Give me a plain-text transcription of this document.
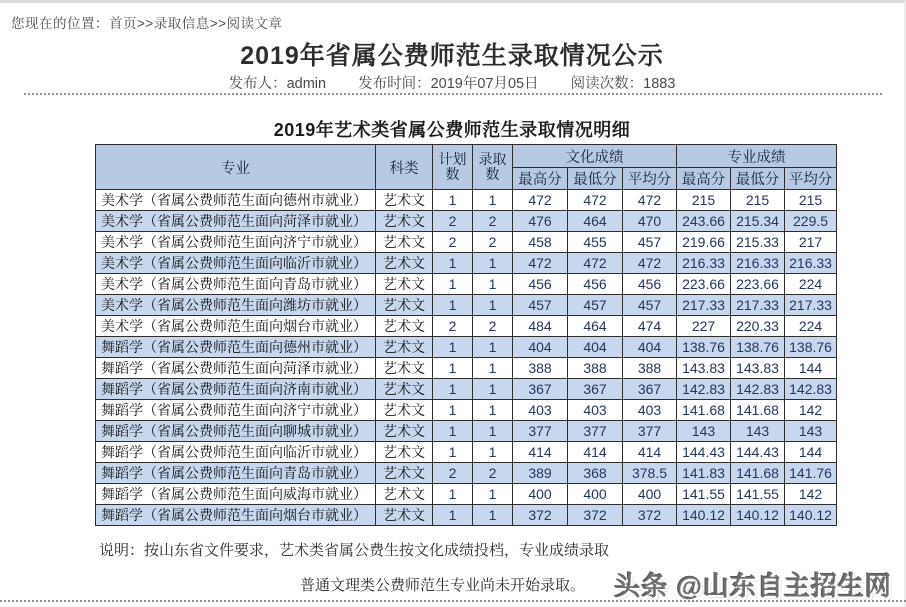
您现在的位置：首页>>录取信息>>阅读文章
2019年省属公费师范生录取情况公示
发布人：admin 发布时间：2019年07月05日 阅读次数：1883
2019年艺术类省属公费师范生录取情况明细
专业	科类	计划数	录取数	文化成绩			专业成绩		
				最高分	最低分	平均分	最高分	最低分	平均分
美术学（省属公费师范生面向德州市就业）	艺术文	1	1	472	472	472	215	215	215
美术学（省属公费师范生面向菏泽市就业）	艺术文	2	2	476	464	470	243.66	215.34	229.5
美术学（省属公费师范生面向济宁市就业）	艺术文	2	2	458	455	457	219.66	215.33	217
美术学（省属公费师范生面向临沂市就业）	艺术文	1	1	472	472	472	216.33	216.33	216.33
美术学（省属公费师范生面向青岛市就业）	艺术文	1	1	456	456	456	223.66	223.66	224
美术学（省属公费师范生面向潍坊市就业）	艺术文	1	1	457	457	457	217.33	217.33	217.33
美术学（省属公费师范生面向烟台市就业）	艺术文	2	2	484	464	474	227	220.33	224
舞蹈学（省属公费师范生面向德州市就业）	艺术文	1	1	404	404	404	138.76	138.76	138.76
舞蹈学（省属公费师范生面向菏泽市就业）	艺术文	1	1	388	388	388	143.83	143.83	144
舞蹈学（省属公费师范生面向济南市就业）	艺术文	1	1	367	367	367	142.83	142.83	142.83
舞蹈学（省属公费师范生面向济宁市就业）	艺术文	1	1	403	403	403	141.68	141.68	142
舞蹈学（省属公费师范生面向聊城市就业）	艺术文	1	1	377	377	377	143	143	143
舞蹈学（省属公费师范生面向临沂市就业）	艺术文	1	1	414	414	414	144.43	144.43	144
舞蹈学（省属公费师范生面向青岛市就业）	艺术文	2	2	389	368	378.5	141.83	141.68	141.76
舞蹈学（省属公费师范生面向威海市就业）	艺术文	1	1	400	400	400	141.55	141.55	142
舞蹈学（省属公费师范生面向烟台市就业）	艺术文	1	1	372	372	372	140.12	140.12	140.12
说明：按山东省文件要求，艺术类省属公费生按文化成绩投档，专业成绩录取
普通文理类公费师范生专业尚未开始录取。 头条 @山东自主招生网
